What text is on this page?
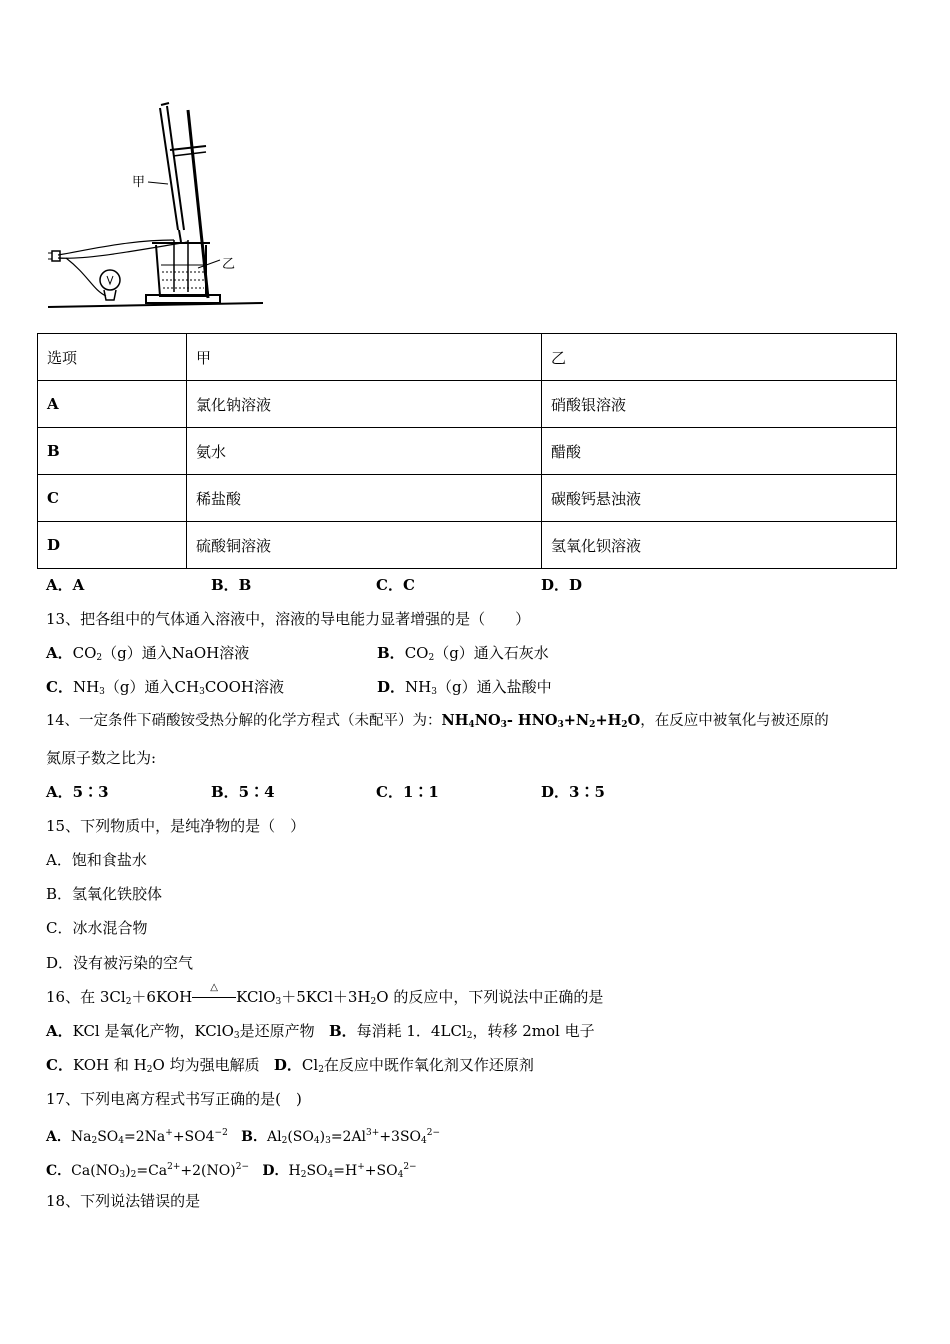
甲
乙
选项	甲	乙
A	氯化钠溶液	硝酸银溶液
B	氨水	醋酸
C	稀盐酸	碳酸钙悬浊液
D	硫酸铜溶液	氢氧化钡溶液
A．A	B．B	C．C	D．D
13、把各组中的气体通入溶液中，溶液的导电能力显著增强的是（　　）
A．$CO_2(g)$通入NaOH溶液	B．$CO_2(g)$通入石灰水
C．$NH_3(g)$通入$CH_3COOH$溶液	D．$NH_3(g)$通入盐酸中
14、一定条件下硝酸铵受热分解的化学方程式（未配平）为：$NH_4NO_3-$ $HNO_3+N_2+H_2O$，在反应中被氧化与被还原的
氮原子数之比为:
A．5∶3	B．5∶4	C．1∶1	D．3∶5
15、下列物质中，是纯净物的是（　）
A．饱和食盐水
B．氢氧化铁胶体
C．冰水混合物
D．没有被污染的空气
16、在 $3Cl_2+6KOH$
△
$KClO_3+5KCl+3H_2O$ 的反应中，下列说法中正确的是
A．KCl 是氧化产物，KClO$_3$是还原产物 B．每消耗 1．4LCl$_2$，转移 2mol 电子
C．KOH 和 $H_2O$ 均为强电解质 D．$Cl_2$在反应中既作氧化剂又作还原剂
17、下列电离方程式书写正确的是(　)
A．$Na_2SO_4=2Na^++SO4^{-2}$ B．$Al_2(SO_4)_3=2Al^{3+}+3SO_4^{2-}$
C．$Ca(NO_3)_2=Ca^{2+}+2(NO)^{2-}$ D．$H_2SO_4=H^++SO_4^{2-}$
18、下列说法错误的是
